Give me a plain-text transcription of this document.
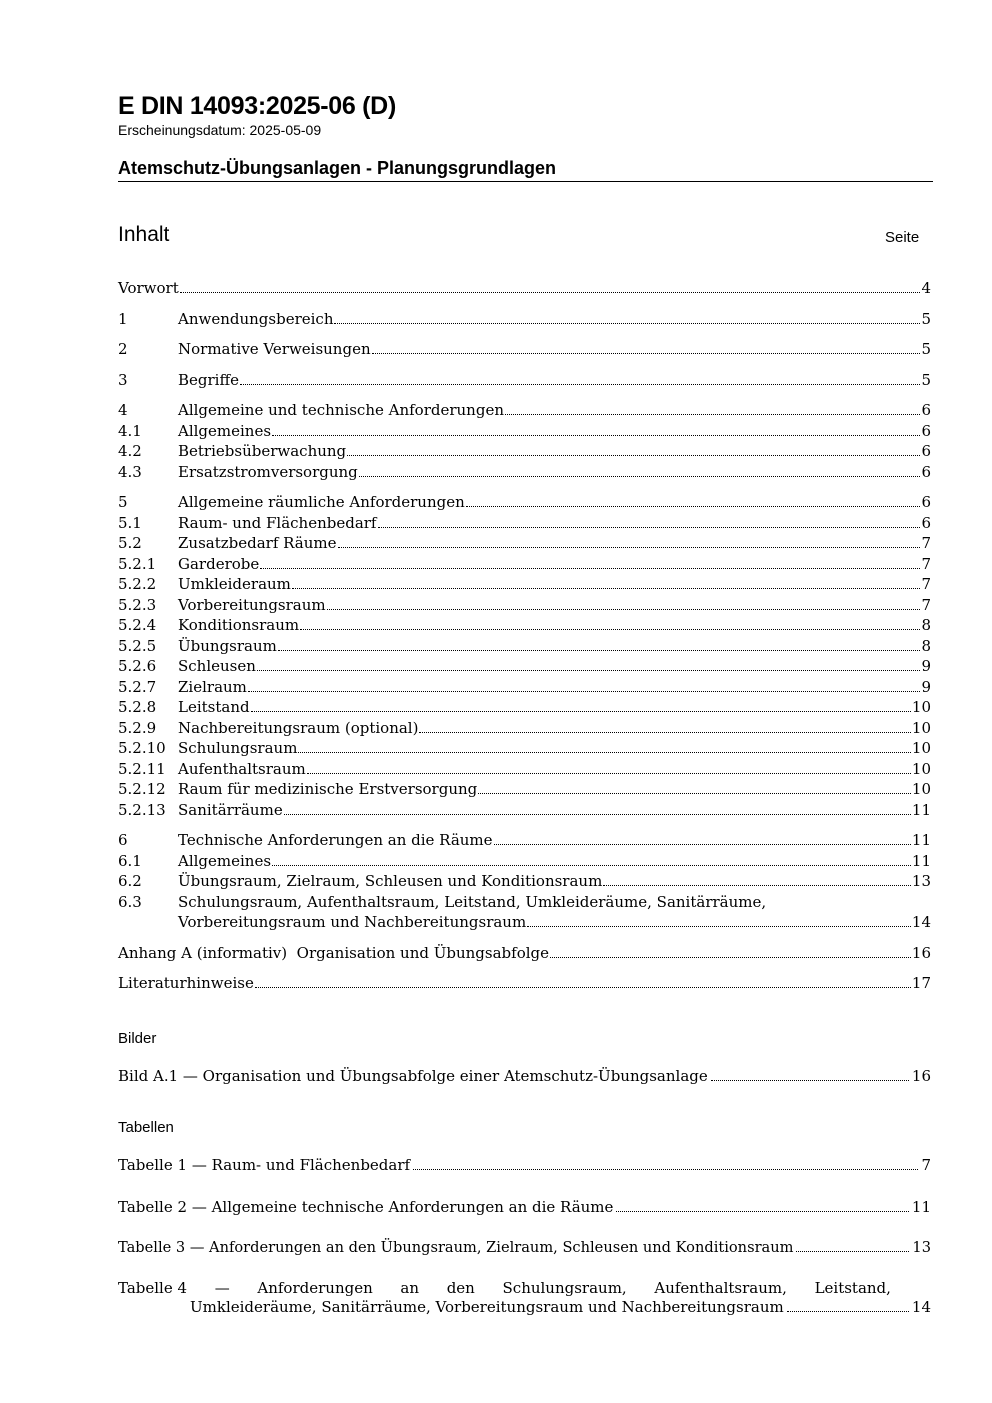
E DIN 14093:2025-06 (D)
Erscheinungsdatum: 2025-05-09
Atemschutz-Übungsanlagen - Planungsgrundlagen
Inhalt	Seite
Vorwort	4
1	Anwendungsbereich	5
2	Normative Verweisungen	5
3	Begriffe	5
4	Allgemeine und technische Anforderungen	6
4.1	Allgemeines	6
4.2	Betriebsüberwachung	6
4.3	Ersatzstromversorgung	6
5	Allgemeine räumliche Anforderungen	6
5.1	Raum- und Flächenbedarf	6
5.2	Zusatzbedarf Räume	7
5.2.1	Garderobe	7
5.2.2	Umkleideraum	7
5.2.3	Vorbereitungsraum	7
5.2.4	Konditionsraum	8
5.2.5	Übungsraum	8
5.2.6	Schleusen	9
5.2.7	Zielraum	9
5.2.8	Leitstand	10
5.2.9	Nachbereitungsraum (optional)	10
5.2.10 Schulungsraum	10
5.2.11 Aufenthaltsraum	10
5.2.12 Raum für medizinische Erstversorgung	10
5.2.13 Sanitärräume	11
6	Technische Anforderungen an die Räume	11
6.1	Allgemeines	11
6.2	Übungsraum, Zielraum, Schleusen und Konditionsraum	13
6.3	Schulungsraum, Aufenthaltsraum, Leitstand, Umkleideräume, Sanitärräume,
Vorbereitungsraum und Nachbereitungsraum	14
Anhang A (informativ)  Organisation und Übungsabfolge	16
Literaturhinweise	17
Bilder
Bild A.1 — Organisation und Übungsabfolge einer Atemschutz-Übungsanlage	16
Tabellen
Tabelle 1 — Raum- und Flächenbedarf	7
Tabelle 2 — Allgemeine technische Anforderungen an die Räume	11
Tabelle 3 — Anforderungen an den Übungsraum, Zielraum, Schleusen und Konditionsraum	13
Tabelle 4 — Anforderungen an den Schulungsraum, Aufenthaltsraum, Leitstand,
Umkleideräume, Sanitärräume, Vorbereitungsraum und Nachbereitungsraum	14
